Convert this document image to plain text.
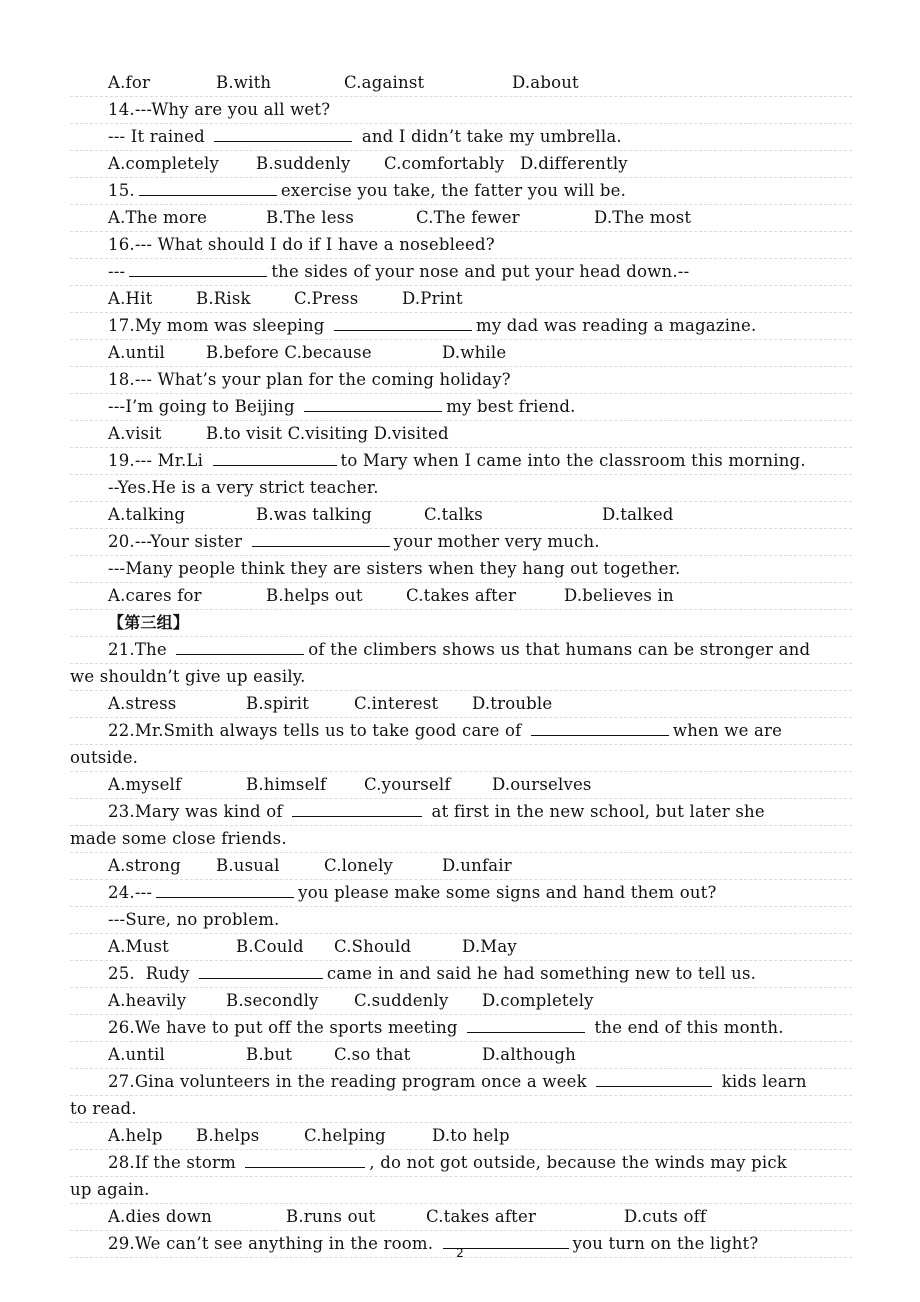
A.for	B.with	C.against	D.about
14.---Why are you all wet?
--- It rained	and I didn’t take my umbrella.
A.completely B.suddenly C.comfortably D.differently
15.	exercise you take, the fatter you will be.
A.The more	B.The less	C.The fewer	D.The most
16.--- What should I do if I have a nosebleed?
---	the sides of your nose and put your head down.--
A.Hit	B.Risk	C.Press	D.Print
17.My mom was sleeping	my dad was reading a magazine.
A.until B.before C.because	D.while
18.--- What’s your plan for the coming holiday?
---I’m going to Beijing	my best friend.
A.visit	B.to visit C.visiting D.visited
19.--- Mr.Li	to Mary when I came into the classroom this morning.
--Yes.He is a very strict teacher.
A.talking	B.was talking	C.talks	D.talked
20.---Your sister	your mother very much.
---Many people think they are sisters when they hang out together.
A.cares for	B.helps out	C.takes after	D.believes in
【第三组】
21.The	of the climbers shows us that humans can be stronger and
we shouldn’t give up easily.
A.stress	B.spirit	C.interest D.trouble
22.Mr.Smith always tells us to take good care of	when we are
outside.
A.myself	B.himself C.yourself	D.ourselves
23.Mary was kind of	at first in the new school, but later she
made some close friends.
A.strong B.usual	C.lonely	D.unfair
24.---	you please make some signs and hand them out?
---Sure, no problem.
A.Must	B.Could C.Should	D.May
25.  Rudy	came in and said he had something new to tell us.
A.heavily B.secondly C.suddenly D.completely
26.We have to put off the sports meeting	the end of this month.
A.until	B.but	C.so that	D.although
27.Gina volunteers in the reading program once a week	kids learn
to read.
A.help B.helps	C.helping	D.to help
28.If the storm	, do not got outside, because the winds may pick
up again.
A.dies down	B.runs out	C.takes after	D.cuts off
29.We can’t see anything in the room.	you turn on the light?
2
